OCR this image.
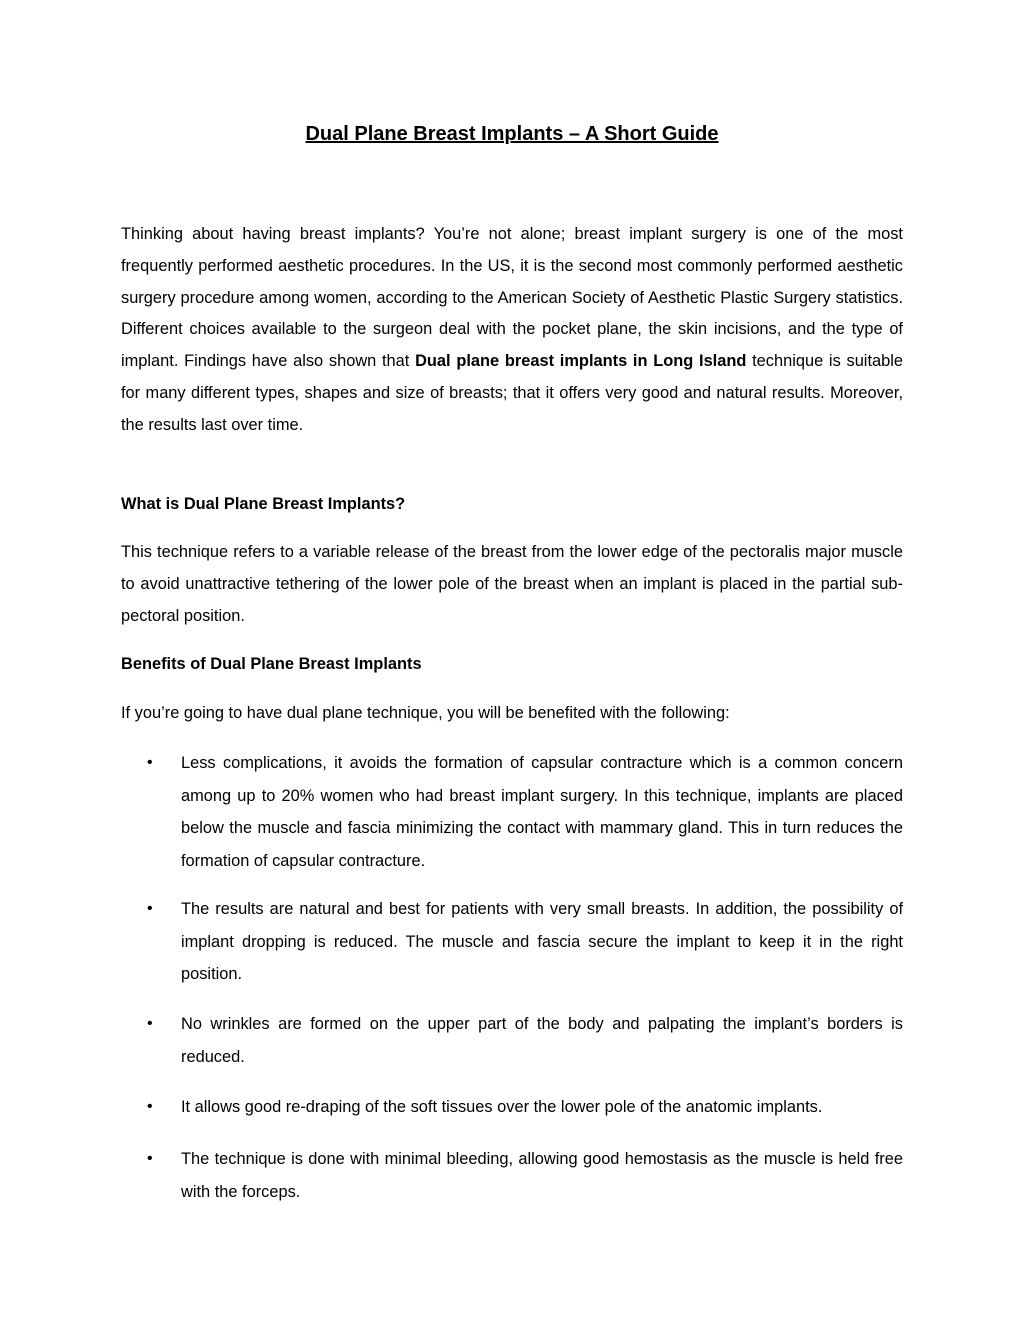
Dual Plane Breast Implants – A Short Guide

Thinking about having breast implants? You’re not alone; breast implant surgery is one of the most frequently performed aesthetic procedures. In the US, it is the second most commonly performed aesthetic surgery procedure among women, according to the American Society of Aesthetic Plastic Surgery statistics. Different choices available to the surgeon deal with the pocket plane, the skin incisions, and the type of implant. Findings have also shown that Dual plane breast implants in Long Island technique is suitable for many different types, shapes and size of breasts; that it offers very good and natural results. Moreover, the results last over time.

What is Dual Plane Breast Implants?

This technique refers to a variable release of the breast from the lower edge of the pectoralis major muscle to avoid unattractive tethering of the lower pole of the breast when an implant is placed in the partial sub-pectoral position.

Benefits of Dual Plane Breast Implants

If you’re going to have dual plane technique, you will be benefited with the following:

• Less complications, it avoids the formation of capsular contracture which is a common concern among up to 20% women who had breast implant surgery. In this technique, implants are placed below the muscle and fascia minimizing the contact with mammary gland. This in turn reduces the formation of capsular contracture.

• The results are natural and best for patients with very small breasts. In addition, the possibility of implant dropping is reduced. The muscle and fascia secure the implant to keep it in the right position.

• No wrinkles are formed on the upper part of the body and palpating the implant’s borders is reduced.

• It allows good re-draping of the soft tissues over the lower pole of the anatomic implants.

• The technique is done with minimal bleeding, allowing good hemostasis as the muscle is held free with the forceps.
